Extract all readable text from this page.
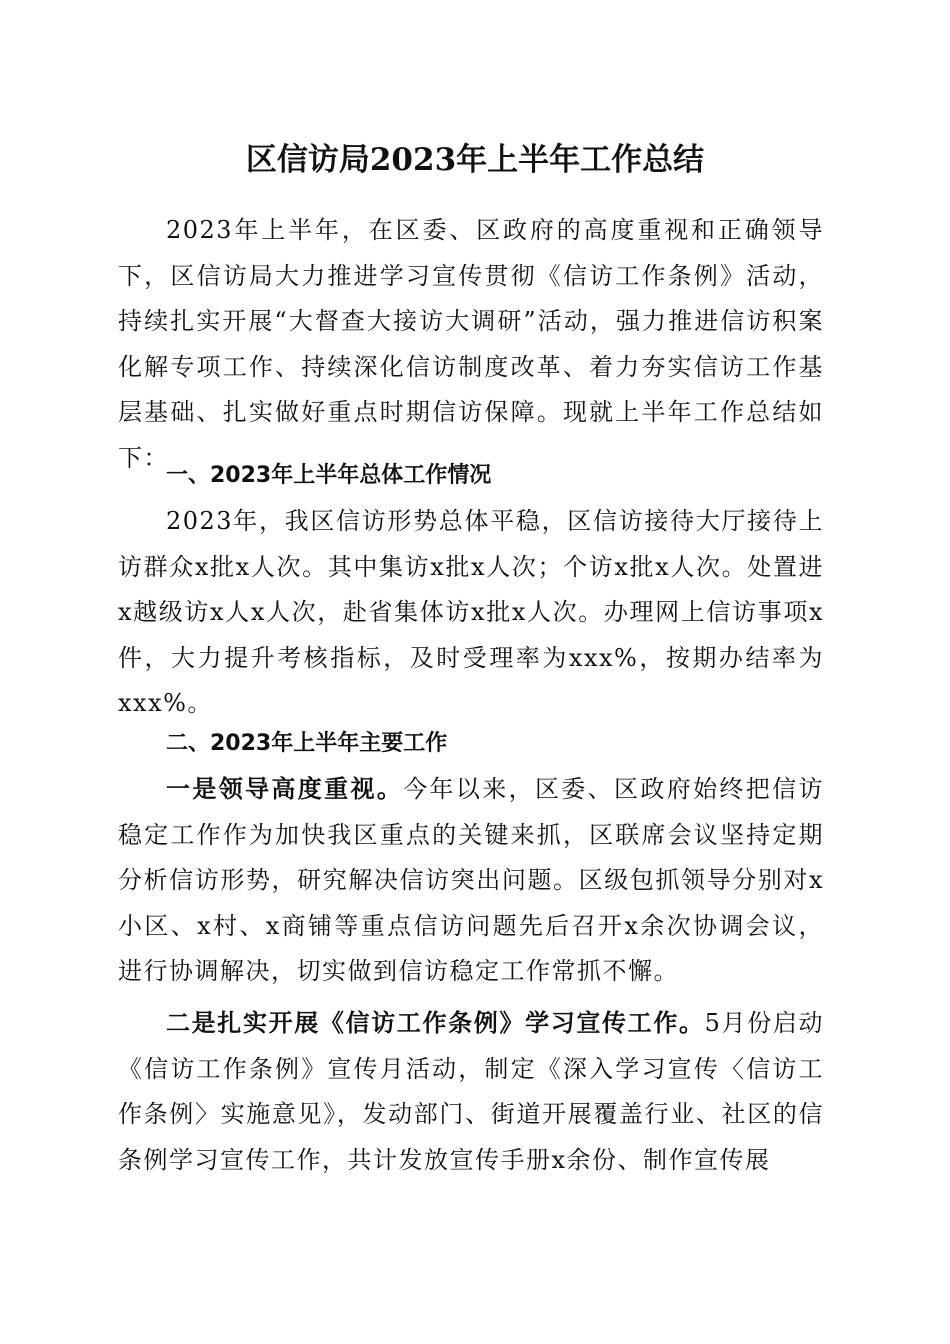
区信访局2023年上半年工作总结

2023年上半年，在区委、区政府的高度重视和正确领导下，区信访局大力推进学习宣传贯彻《信访工作条例》活动，持续扎实开展“大督查大接访大调研”活动，强力推进信访积案化解专项工作、持续深化信访制度改革、着力夯实信访工作基层基础、扎实做好重点时期信访保障。现就上半年工作总结如下：

一、2023年上半年总体工作情况

2023年，我区信访形势总体平稳，区信访接待大厅接待上访群众x批x人次。其中集访x批x人次；个访x批x人次。处置进x越级访x人x人次，赴省集体访x批x人次。办理网上信访事项x件，大力提升考核指标，及时受理率为xxx%，按期办结率为xxx%。

二、2023年上半年主要工作

一是领导高度重视。今年以来，区委、区政府始终把信访稳定工作作为加快我区重点的关键来抓，区联席会议坚持定期分析信访形势，研究解决信访突出问题。区级包抓领导分别对x小区、x村、x商铺等重点信访问题先后召开x余次协调会议，进行协调解决，切实做到信访稳定工作常抓不懈。

二是扎实开展《信访工作条例》学习宣传工作。5月份启动《信访工作条例》宣传月活动，制定《深入学习宣传〈信访工作条例〉实施意见》，发动部门、街道开展覆盖行业、社区的信条例学习宣传工作，共计发放宣传手册x余份、制作宣传展
